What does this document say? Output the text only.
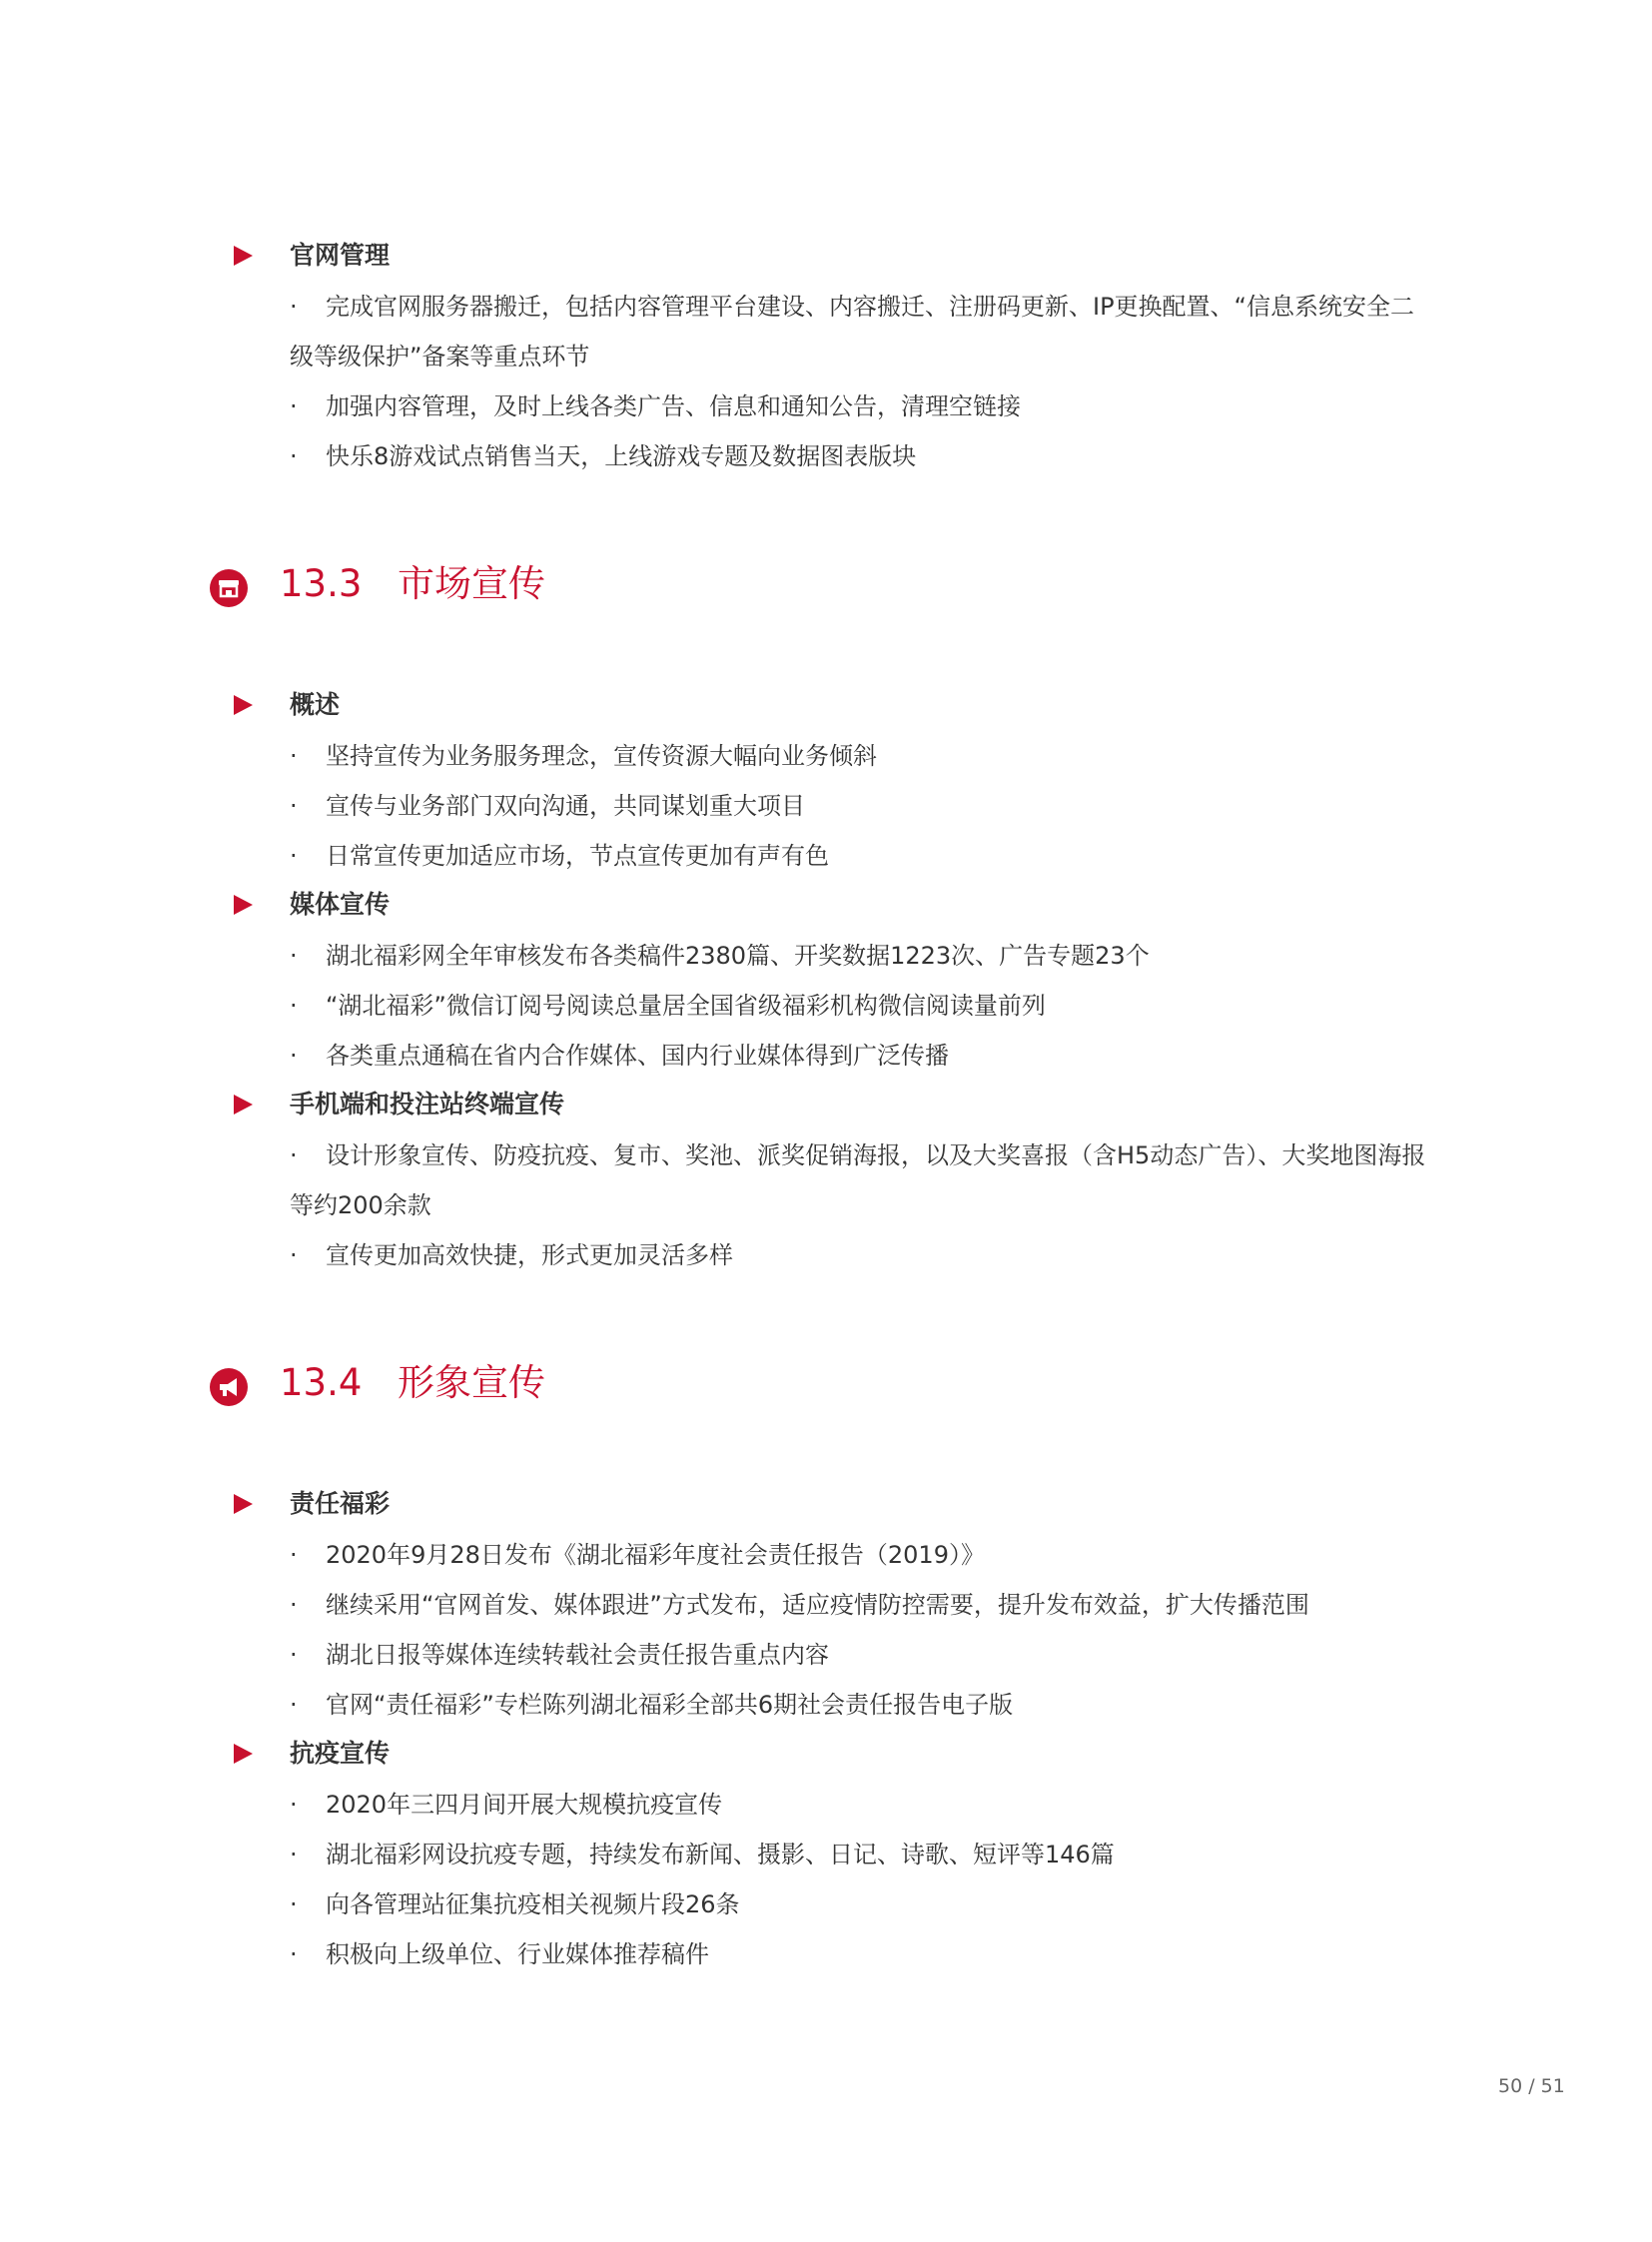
官网管理
·	完成官网服务器搬迁，包括内容管理平台建设、内容搬迁、注册码更新、IP更换配置、“信息系统安全二级等级保护”备案等重点环节
·	加强内容管理，及时上线各类广告、信息和通知公告，清理空链接
·	快乐8游戏试点销售当天，上线游戏专题及数据图表版块
13.3 市场宣传
概述
·	坚持宣传为业务服务理念，宣传资源大幅向业务倾斜
·	宣传与业务部门双向沟通，共同谋划重大项目
·	日常宣传更加适应市场，节点宣传更加有声有色
媒体宣传
·	湖北福彩网全年审核发布各类稿件2380篇、开奖数据1223次、广告专题23个
·	“湖北福彩”微信订阅号阅读总量居全国省级福彩机构微信阅读量前列
·	各类重点通稿在省内合作媒体、国内行业媒体得到广泛传播
手机端和投注站终端宣传
·	设计形象宣传、防疫抗疫、复市、奖池、派奖促销海报，以及大奖喜报（含H5动态广告）、大奖地图海报等约200余款
·	宣传更加高效快捷，形式更加灵活多样
13.4 形象宣传
责任福彩
·	2020年9月28日发布《湖北福彩年度社会责任报告（2019）》
·	继续采用“官网首发、媒体跟进”方式发布，适应疫情防控需要，提升发布效益，扩大传播范围
·	湖北日报等媒体连续转载社会责任报告重点内容
·	官网“责任福彩”专栏陈列湖北福彩全部共6期社会责任报告电子版
抗疫宣传
·	2020年三四月间开展大规模抗疫宣传
·	湖北福彩网设抗疫专题，持续发布新闻、摄影、日记、诗歌、短评等146篇
·	向各管理站征集抗疫相关视频片段26条
·	积极向上级单位、行业媒体推荐稿件
50 / 51
